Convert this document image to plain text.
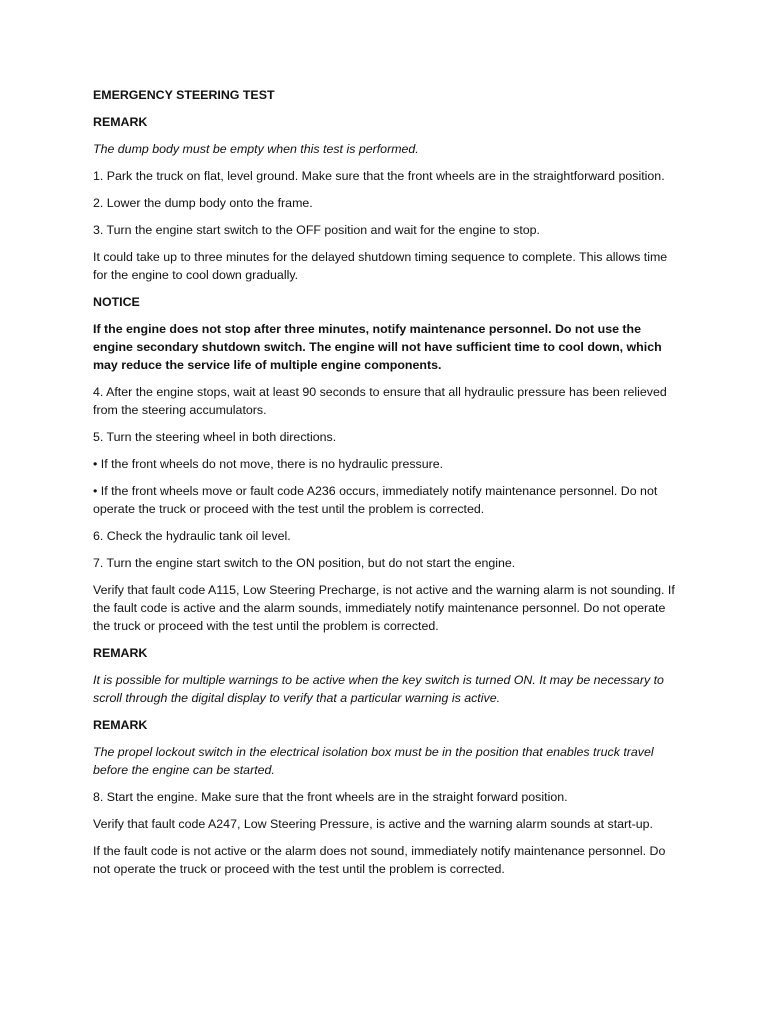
EMERGENCY STEERING TEST

REMARK

The dump body must be empty when this test is performed.

1. Park the truck on flat, level ground. Make sure that the front wheels are in the straightforward position.

2. Lower the dump body onto the frame.

3. Turn the engine start switch to the OFF position and wait for the engine to stop.

It could take up to three minutes for the delayed shutdown timing sequence to complete. This allows time for the engine to cool down gradually.

NOTICE

If the engine does not stop after three minutes, notify maintenance personnel. Do not use the engine secondary shutdown switch. The engine will not have sufficient time to cool down, which may reduce the service life of multiple engine components.

4. After the engine stops, wait at least 90 seconds to ensure that all hydraulic pressure has been relieved from the steering accumulators.

5. Turn the steering wheel in both directions.

• If the front wheels do not move, there is no hydraulic pressure.

• If the front wheels move or fault code A236 occurs, immediately notify maintenance personnel. Do not operate the truck or proceed with the test until the problem is corrected.

6. Check the hydraulic tank oil level.

7. Turn the engine start switch to the ON position, but do not start the engine.

Verify that fault code A115, Low Steering Precharge, is not active and the warning alarm is not sounding. If the fault code is active and the alarm sounds, immediately notify maintenance personnel. Do not operate the truck or proceed with the test until the problem is corrected.

REMARK

It is possible for multiple warnings to be active when the key switch is turned ON. It may be necessary to scroll through the digital display to verify that a particular warning is active.

REMARK

The propel lockout switch in the electrical isolation box must be in the position that enables truck travel before the engine can be started.

8. Start the engine. Make sure that the front wheels are in the straight forward position.

Verify that fault code A247, Low Steering Pressure, is active and the warning alarm sounds at start-up.

If the fault code is not active or the alarm does not sound, immediately notify maintenance personnel. Do not operate the truck or proceed with the test until the problem is corrected.
